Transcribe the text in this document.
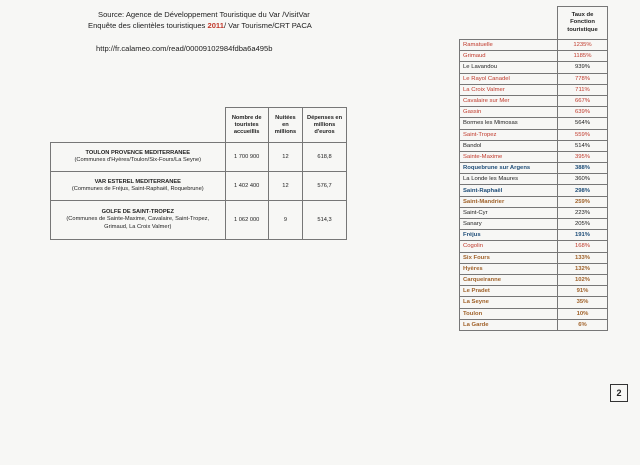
Source: Agence de Développement Touristique du Var /VisitVar
Enquête des clientèles touristiques 2011/ Var Tourisme/CRT PACA
http://fr.calameo.com/read/00009102984fdba6a495b
	Nombre de touristes accueillis	Nuitées en millions	Dépenses en millions d'euros

TOULON PROVENCE MEDITERRANEE
(Communes d'Hyères/Toulon/Six-Fours/La Seyne)	1 700 900	12	618,8

VAR ESTEREL MEDITERRANEE
(Communes de Fréjus, Saint-Raphaël, Roquebrune)	1 402 400	12	576,7

GOLFE DE SAINT-TROPEZ
(Communes de Sainte-Maxime, Cavalaire, Saint-Tropez, Grimaud, La Croix Valmer)	1 062 000	9	514,3
	Taux de Fonction touristique
Ramatuelle	1235%
Grimaud	1185%
Le Lavandou	939%
Le Rayol Canadel	778%
La Croix Valmer	711%
Cavalaire sur Mer	667%
Gassin	639%
Bormes les Mimosas	564%
Saint-Tropez	559%
Bandol	514%
Sainte-Maxime	395%
Roquebrune sur Argens	388%
La Londe les Maures	360%
Saint-Raphaël	298%
Saint-Mandrier	259%
Saint-Cyr	223%
Sanary	205%
Fréjus	191%
Cogolin	168%
Six Fours	133%
Hyères	132%
Carqueiranne	102%
Le Pradet	91%
La Seyne	35%
Toulon	10%
La Garde	6%
2
